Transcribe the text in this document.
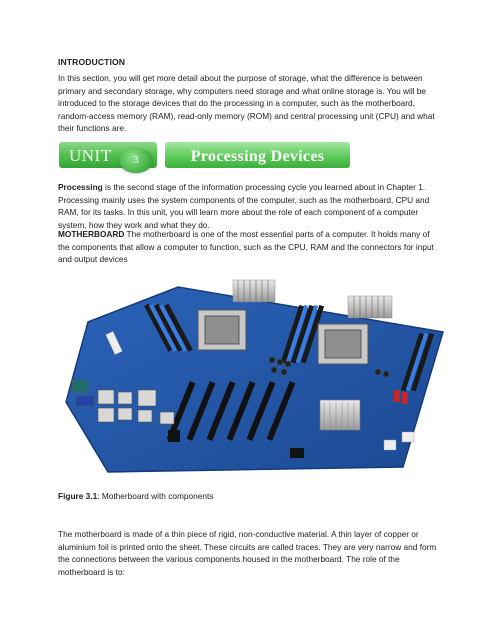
INTRODUCTION

In this section, you will get more detail about the purpose of storage, what the difference is between primary and secondary storage, why computers need storage and what online storage is. You will be introduced to the storage devices that do the processing in a computer, such as the motherboard, random-access memory (RAM), read-only memory (ROM) and central processing unit (CPU) and what their functions are.

UNIT	3	Processing Devices

Processing is the second stage of the information processing cycle you learned about in Chapter 1. Processing mainly uses the system components of the computer, such as the motherboard, CPU and RAM, for its tasks. In this unit, you will learn more about the role of each component of a computer system, how they work and what they do.

MOTHERBOARD The motherboard is one of the most essential parts of a computer. It holds many of the components that allow a computer to function, such as the CPU, RAM and the connectors for input and output devices

Figure 3.1: Motherboard with components

The motherboard is made of a thin piece of rigid, non-conductive material. A thin layer of copper or aluminium foil is printed onto the sheet. These circuits are called traces. They are very narrow and form the connections between the various components housed in the motherboard. The role of the motherboard is to:
